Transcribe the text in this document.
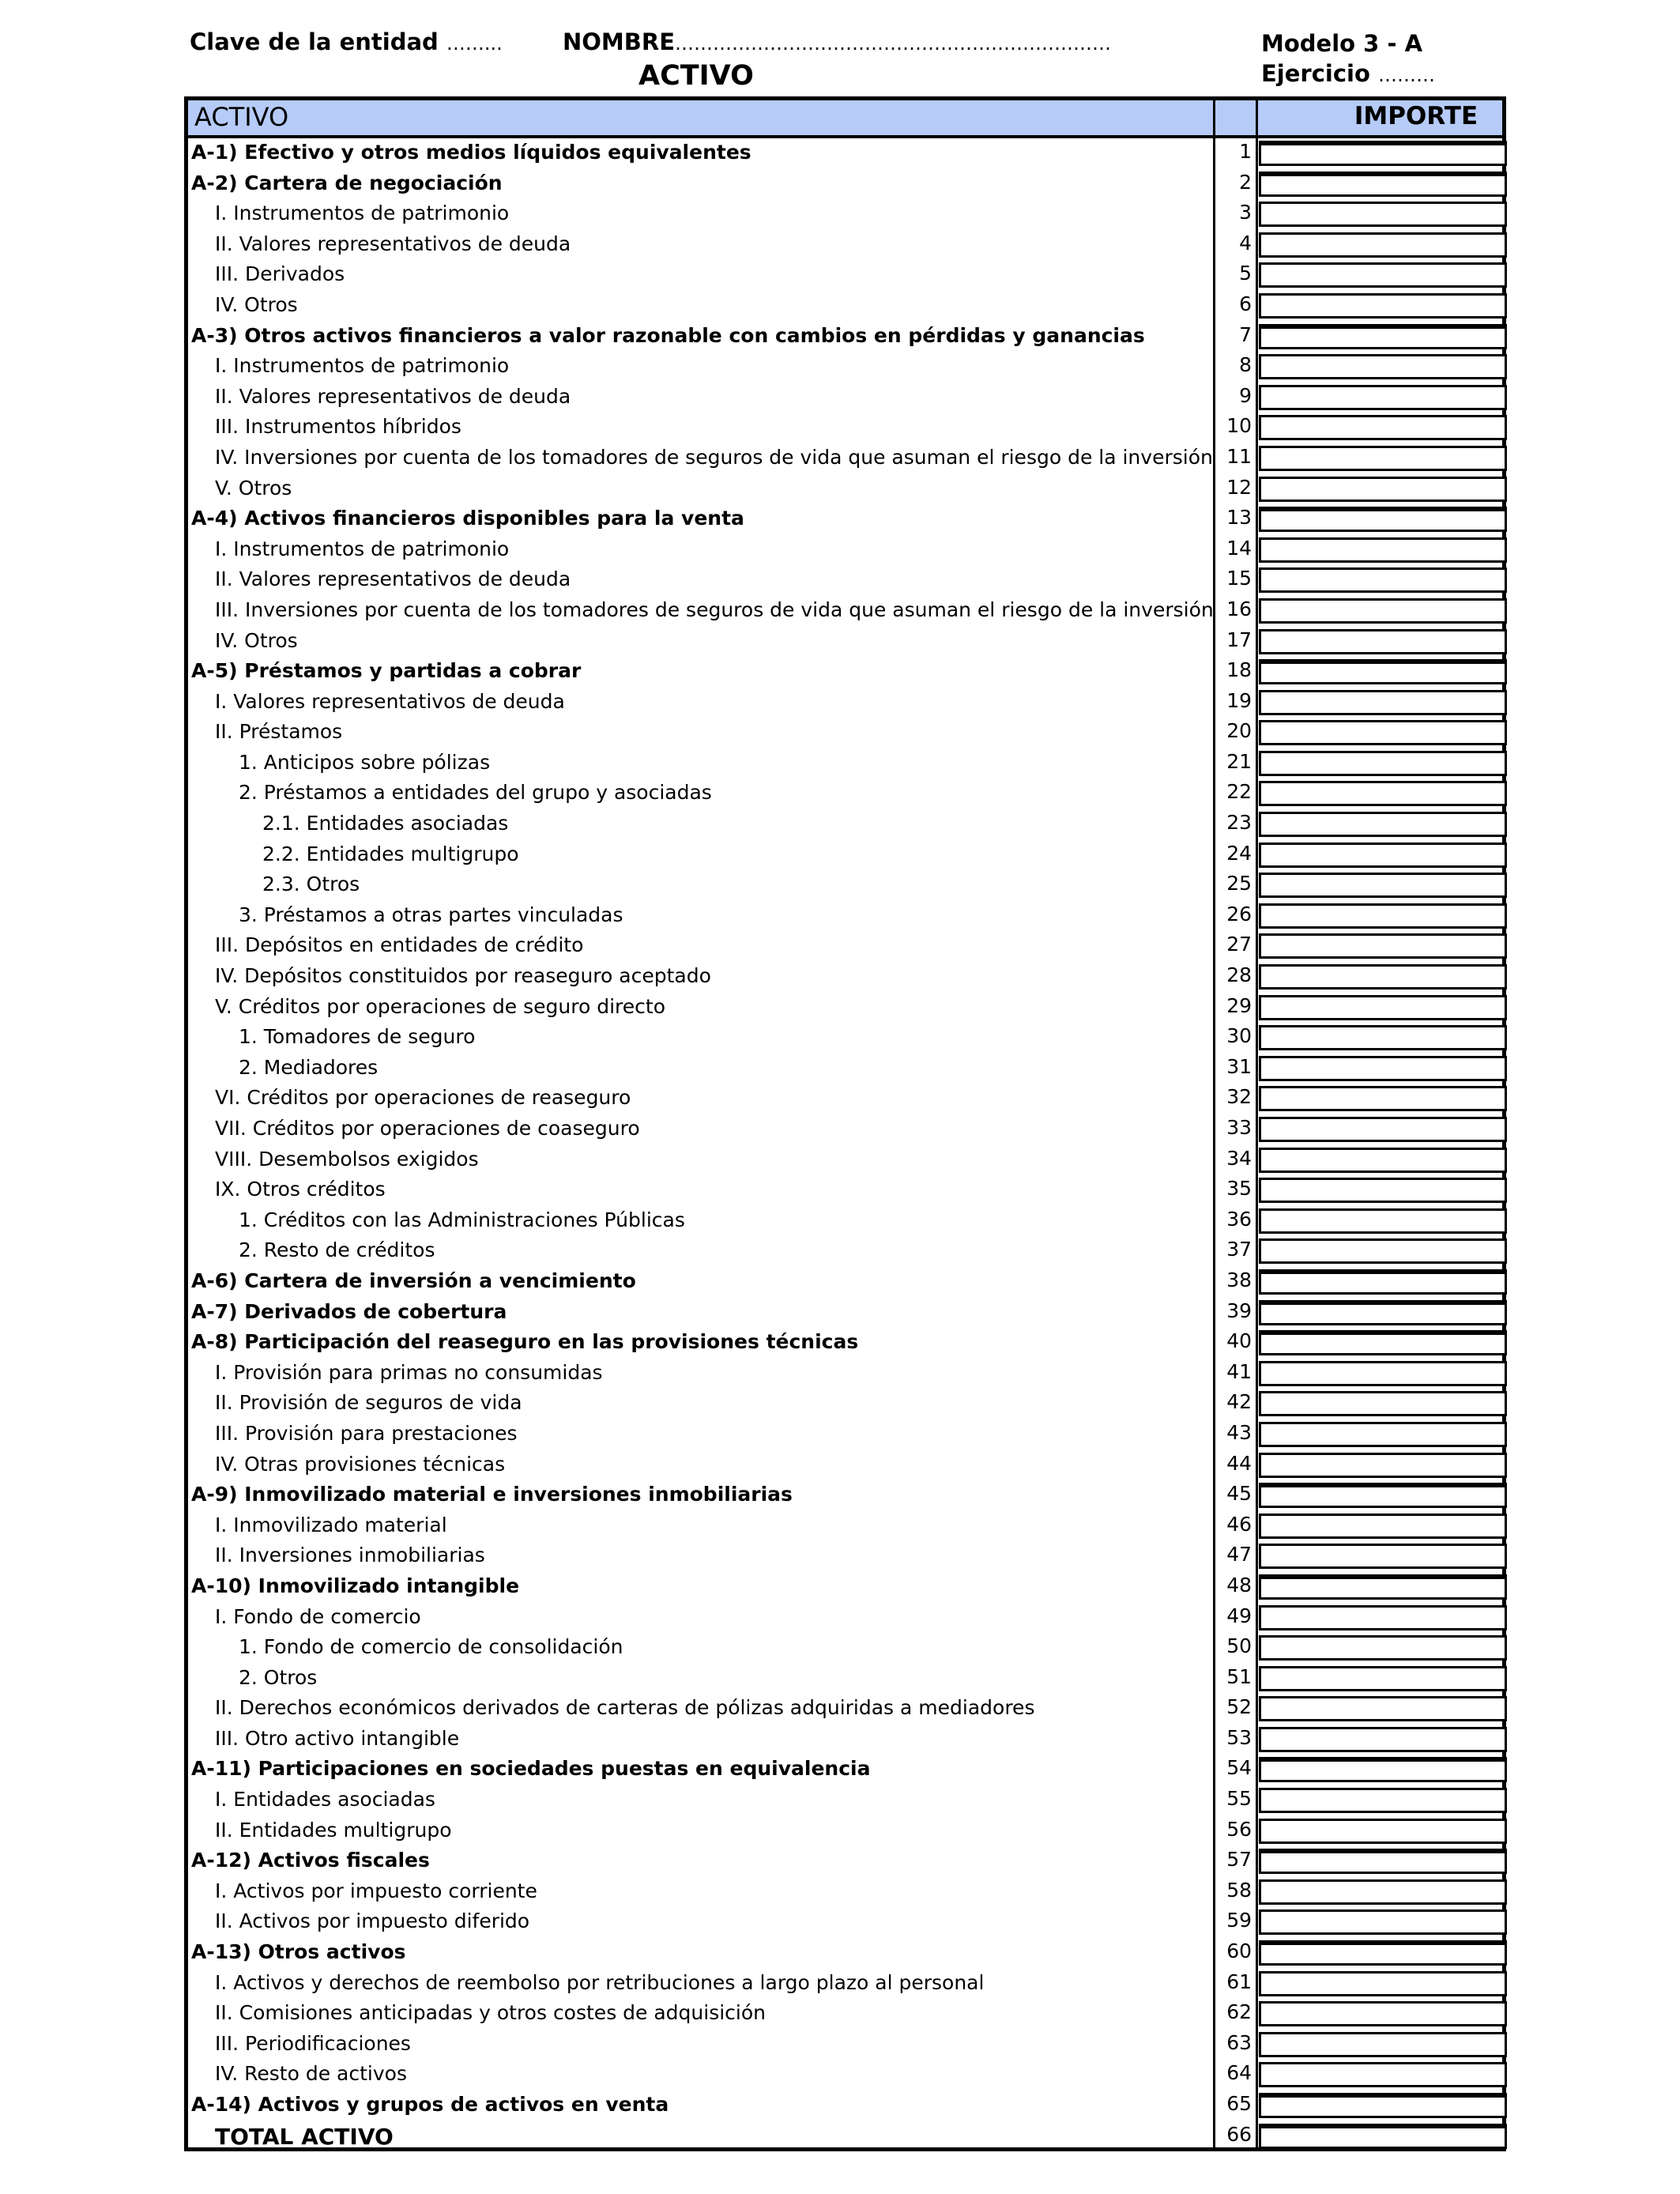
Clave de la entidad ……...	NOMBRE……………………………………………………………
ACTIVO
Modelo 3 - A
Ejercicio ………
ACTIVO	IMPORTE
A-1) Efectivo y otros medios líquidos equivalentes	1
A-2) Cartera de negociación	2
I. Instrumentos de patrimonio	3
II. Valores representativos de deuda	4
III. Derivados	5
IV. Otros	6
A-3) Otros activos financieros a valor razonable con cambios en pérdidas y ganancias	7
I. Instrumentos de patrimonio	8
II. Valores representativos de deuda	9
III. Instrumentos híbridos	10
IV. Inversiones por cuenta de los tomadores de seguros de vida que asuman el riesgo de la inversión 11
V. Otros	12
A-4) Activos financieros disponibles para la venta	13
I. Instrumentos de patrimonio	14
II. Valores representativos de deuda	15
III. Inversiones por cuenta de los tomadores de seguros de vida que asuman el riesgo de la inversión 16
IV. Otros	17
A-5) Préstamos y partidas a cobrar	18
I. Valores representativos de deuda	19
II. Préstamos	20
1. Anticipos sobre pólizas	21
2. Préstamos a entidades del grupo y asociadas	22
2.1. Entidades asociadas	23
2.2. Entidades multigrupo	24
2.3. Otros	25
3. Préstamos a otras partes vinculadas	26
III. Depósitos en entidades de crédito	27
IV. Depósitos constituidos por reaseguro aceptado	28
V. Créditos por operaciones de seguro directo	29
1. Tomadores de seguro	30
2. Mediadores	31
VI. Créditos por operaciones de reaseguro	32
VII. Créditos por operaciones de coaseguro	33
VIII. Desembolsos exigidos	34
IX. Otros créditos	35
1. Créditos con las Administraciones Públicas	36
2. Resto de créditos	37
A-6) Cartera de inversión a vencimiento	38
A-7) Derivados de cobertura	39
A-8) Participación del reaseguro en las provisiones técnicas	40
I. Provisión para primas no consumidas	41
II. Provisión de seguros de vida	42
III. Provisión para prestaciones	43
IV. Otras provisiones técnicas	44
A-9) Inmovilizado material e inversiones inmobiliarias	45
I. Inmovilizado material	46
II. Inversiones inmobiliarias	47
A-10) Inmovilizado intangible	48
I. Fondo de comercio	49
1. Fondo de comercio de consolidación	50
2. Otros	51
II. Derechos económicos derivados de carteras de pólizas adquiridas a mediadores	52
III. Otro activo intangible	53
A-11) Participaciones en sociedades puestas en equivalencia	54
I. Entidades asociadas	55
II. Entidades multigrupo	56
A-12) Activos fiscales	57
I. Activos por impuesto corriente	58
II. Activos por impuesto diferido	59
A-13) Otros activos	60
I. Activos y derechos de reembolso por retribuciones a largo plazo al personal	61
II. Comisiones anticipadas y otros costes de adquisición	62
III. Periodificaciones	63
IV. Resto de activos	64
A-14) Activos y grupos de activos en venta	65
TOTAL ACTIVO	66
